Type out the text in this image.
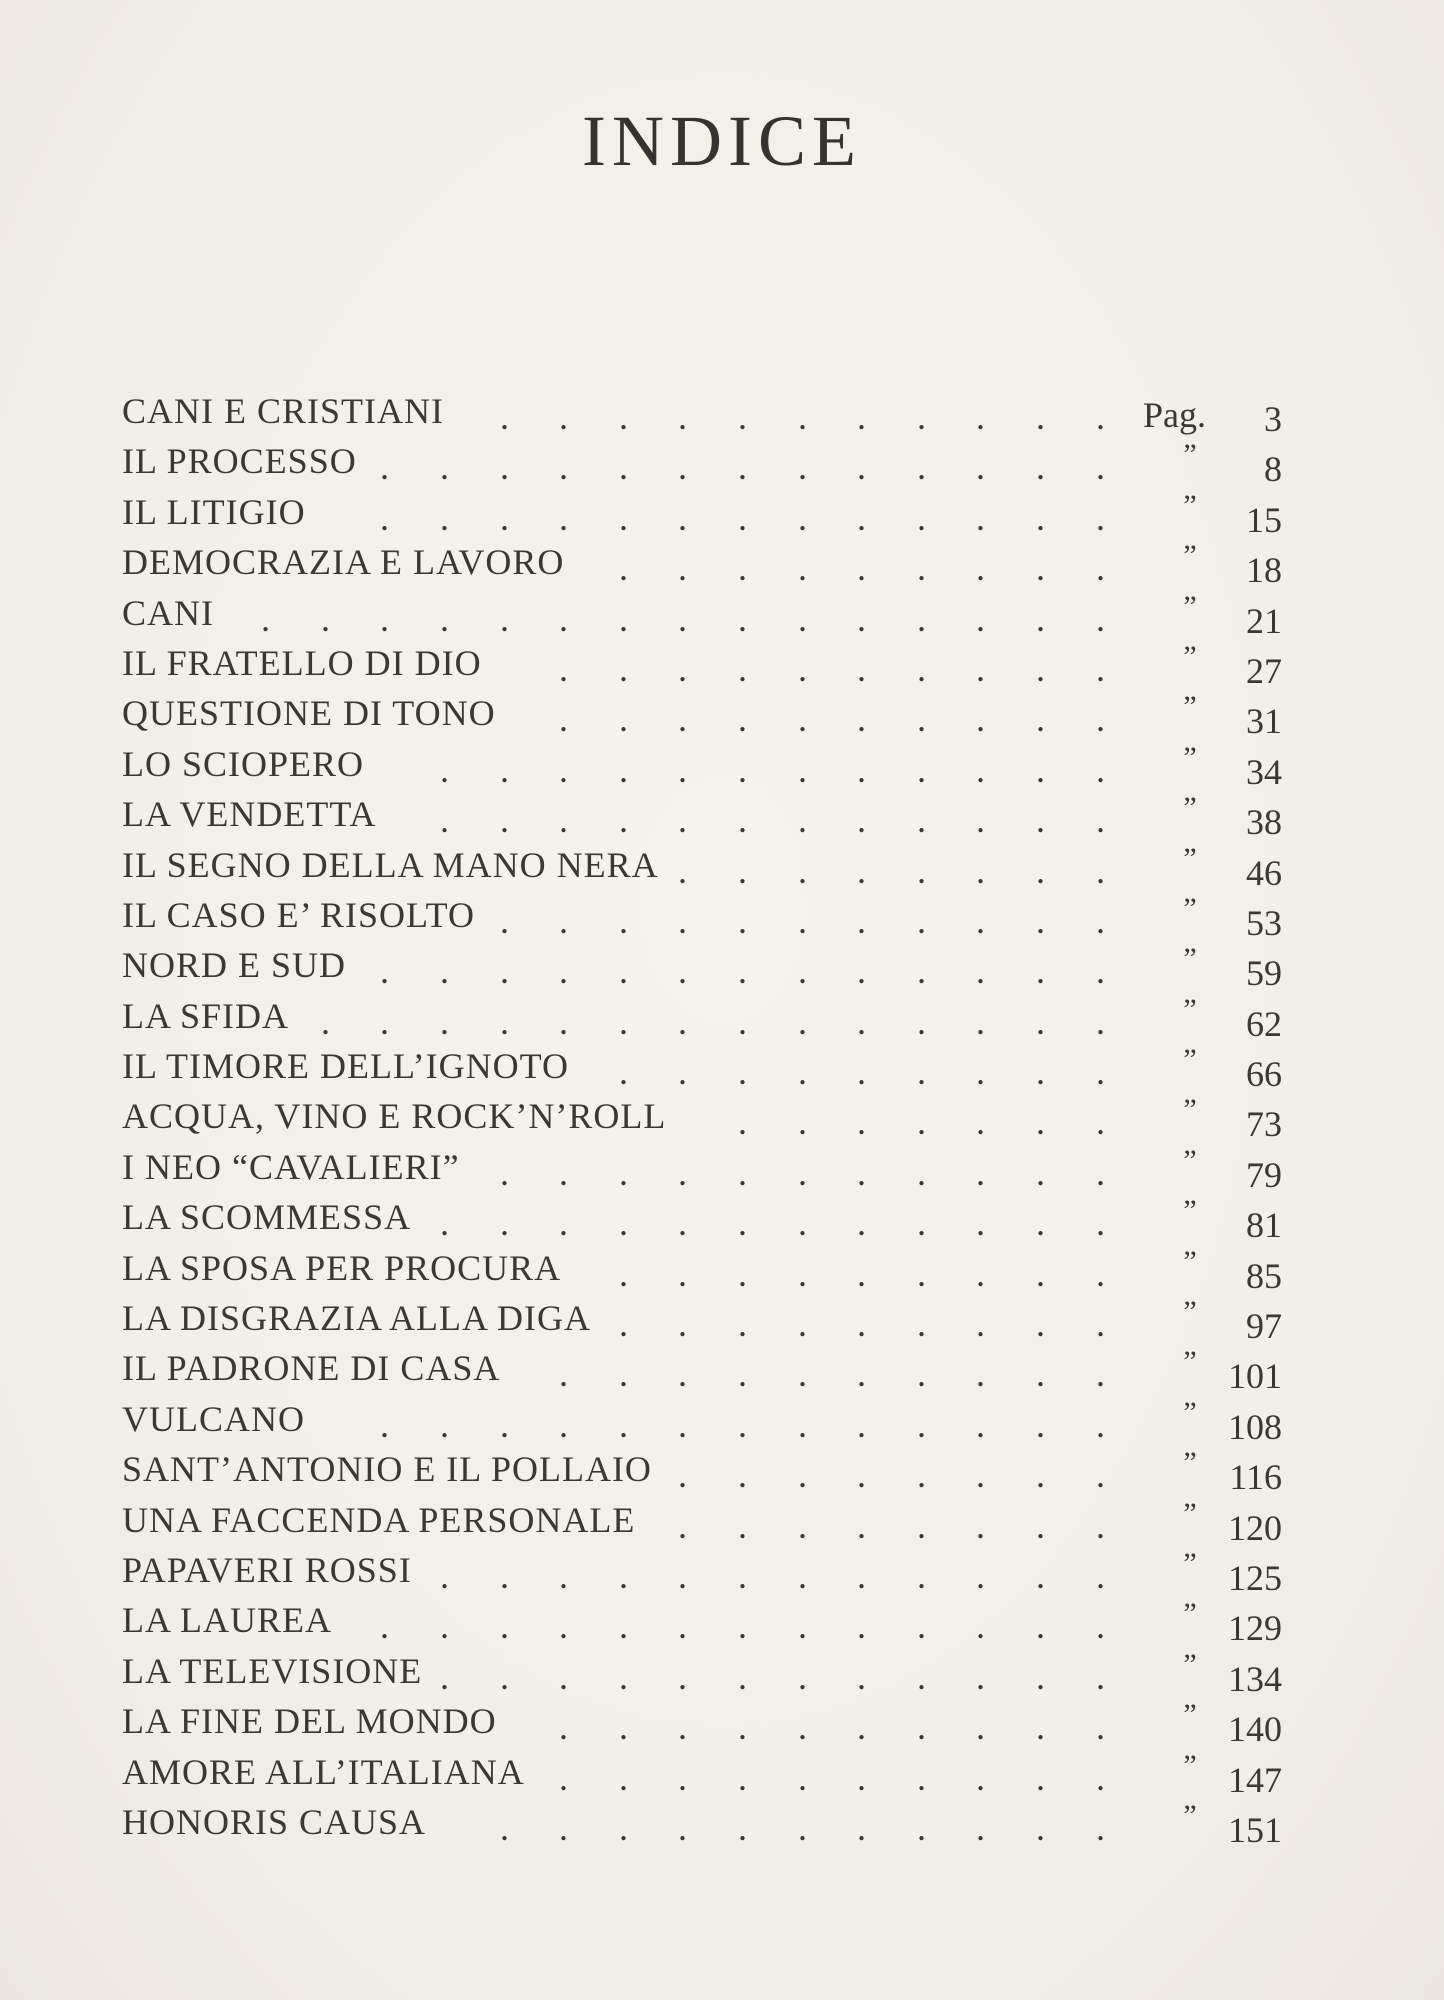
INDICE
CANI E CRISTIANI . . . . . . . . . . . Pag.	3
IL PROCESSO . . . . . . . . . . . . .	”	8
IL LITIGIO . . . . . . . . . . . . .	”	15
DEMOCRAZIA E LAVORO . . . . . . . . .	”	18
CANI . . . . . . . . . . . . . . .	”	21
IL FRATELLO DI DIO . . . . . . . . . .	”	27
QUESTIONE DI TONO . . . . . . . . . .	”	31
LO SCIOPERO . . . . . . . . . . . .	”	34
LA VENDETTA . . . . . . . . . . . .	”	38
IL SEGNO DELLA MANO NERA . . . . . . . .	”	46
IL CASO E’ RISOLTO . . . . . . . . . . .	”	53
NORD E SUD . . . . . . . . . . . . .	”	59
LA SFIDA . . . . . . . . . . . . . .	”	62
IL TIMORE DELL’IGNOTO . . . . . . . . .	”	66
ACQUA, VINO E ROCK’N’ROLL . . . . . . .	”	73
I NEO “CAVALIERI” . . . . . . . . . . .	”	79
LA SCOMMESSA . . . . . . . . . . . .	”	81
LA SPOSA PER PROCURA . . . . . . . . .	”	85
LA DISGRAZIA ALLA DIGA . . . . . . . . .	”	97
IL PADRONE DI CASA . . . . . . . . . .	” 101
VULCANO . . . . . . . . . . . . .	” 108
SANT’ANTONIO E IL POLLAIO . . . . . . . .	” 116
UNA FACCENDA PERSONALE . . . . . . . .	” 120
PAPAVERI ROSSI . . . . . . . . . . . .	” 125
LA LAUREA . . . . . . . . . . . . .	” 129
LA TELEVISIONE . . . . . . . . . . . .	” 134
LA FINE DEL MONDO . . . . . . . . . .	” 140
AMORE ALL’ITALIANA . . . . . . . . . .	” 147
HONORIS CAUSA . . . . . . . . . . .	” 151
